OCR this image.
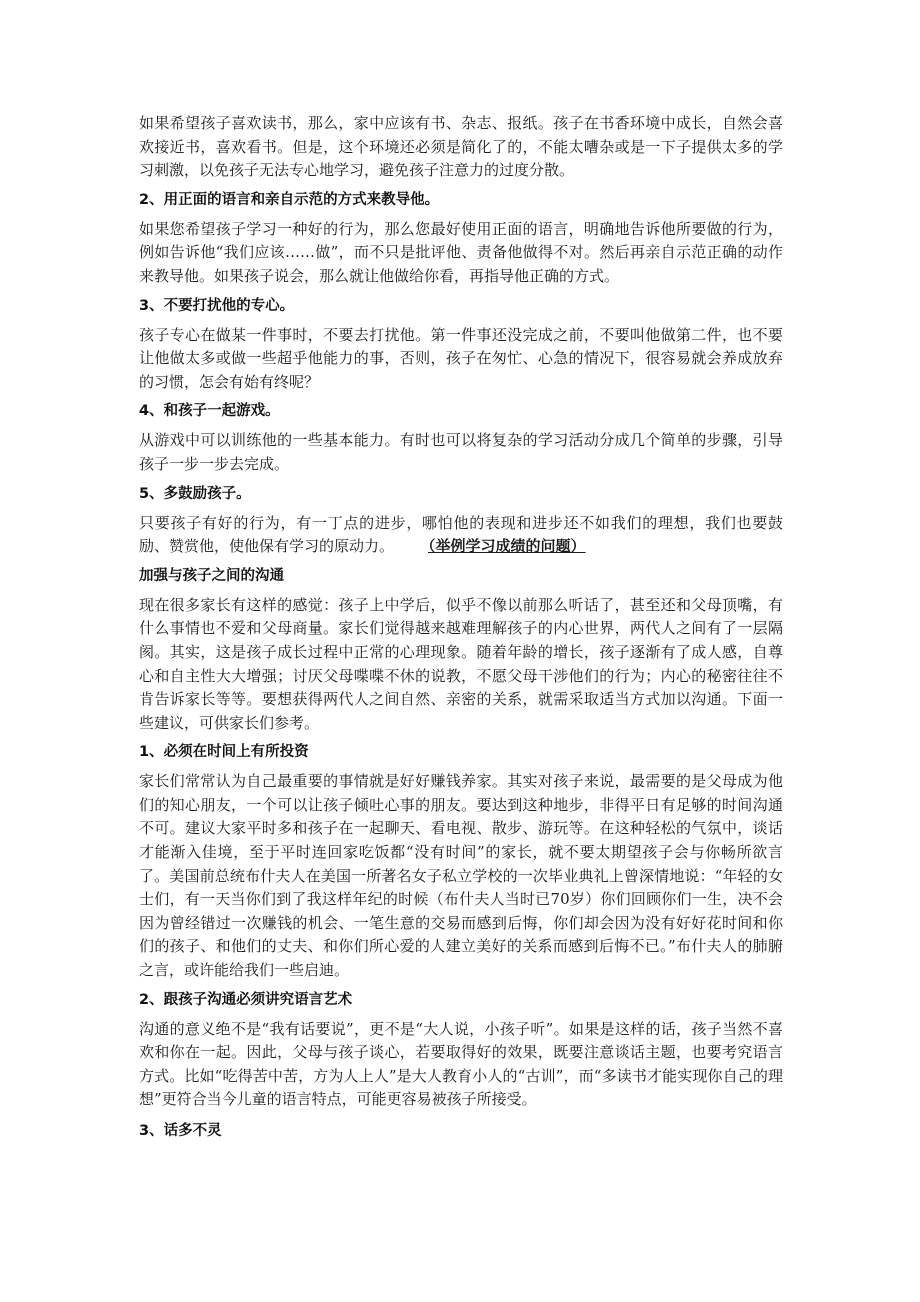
如果希望孩子喜欢读书，那么，家中应该有书、杂志、报纸。孩子在书香环境中成长，自然会喜欢接近书，喜欢看书。但是，这个环境还必须是简化了的，不能太嘈杂或是一下子提供太多的学习刺激，以免孩子无法专心地学习，避免孩子注意力的过度分散。

2、用正面的语言和亲自示范的方式来教导他。

如果您希望孩子学习一种好的行为，那么您最好使用正面的语言，明确地告诉他所要做的行为，例如告诉他“我们应该……做”，而不只是批评他、责备他做得不对。然后再亲自示范正确的动作来教导他。如果孩子说会，那么就让他做给你看，再指导他正确的方式。

3、不要打扰他的专心。

孩子专心在做某一件事时，不要去打扰他。第一件事还没完成之前，不要叫他做第二件，也不要让他做太多或做一些超乎他能力的事，否则，孩子在匆忙、心急的情况下，很容易就会养成放弃的习惯，怎会有始有终呢？

4、和孩子一起游戏。

从游戏中可以训练他的一些基本能力。有时也可以将复杂的学习活动分成几个简单的步骤，引导孩子一步一步去完成。

5、多鼓励孩子。

只要孩子有好的行为，有一丁点的进步，哪怕他的表现和进步还不如我们的理想，我们也要鼓励、赞赏他，使他保有学习的原动力。 （举例学习成绩的问题）

加强与孩子之间的沟通

现在很多家长有这样的感觉：孩子上中学后，似乎不像以前那么听话了，甚至还和父母顶嘴，有什么事情也不爱和父母商量。家长们觉得越来越难理解孩子的内心世界，两代人之间有了一层隔阂。其实，这是孩子成长过程中正常的心理现象。随着年龄的增长，孩子逐渐有了成人感，自尊心和自主性大大增强；讨厌父母喋喋不休的说教，不愿父母干涉他们的行为；内心的秘密往往不肯告诉家长等等。要想获得两代人之间自然、亲密的关系，就需采取适当方式加以沟通。下面一些建议，可供家长们参考。

1、必须在时间上有所投资

家长们常常认为自己最重要的事情就是好好赚钱养家。其实对孩子来说，最需要的是父母成为他们的知心朋友，一个可以让孩子倾吐心事的朋友。要达到这种地步，非得平日有足够的时间沟通不可。建议大家平时多和孩子在一起聊天、看电视、散步、游玩等。在这种轻松的气氛中，谈话才能渐入佳境，至于平时连回家吃饭都“没有时间”的家长，就不要太期望孩子会与你畅所欲言了。美国前总统布什夫人在美国一所著名女子私立学校的一次毕业典礼上曾深情地说：“年轻的女士们，有一天当你们到了我这样年纪的时候（布什夫人当时已70岁）你们回顾你们一生，决不会因为曾经错过一次赚钱的机会、一笔生意的交易而感到后悔，你们却会因为没有好好花时间和你们的孩子、和他们的丈夫、和你们所心爱的人建立美好的关系而感到后悔不已。”布什夫人的肺腑之言，或许能给我们一些启迪。

2、跟孩子沟通必须讲究语言艺术

沟通的意义绝不是“我有话要说”，更不是“大人说，小孩子听”。如果是这样的话，孩子当然不喜欢和你在一起。因此，父母与孩子谈心，若要取得好的效果，既要注意谈话主题，也要考究语言方式。比如“吃得苦中苦，方为人上人”是大人教育小人的“古训”，而“多读书才能实现你自己的理想”更符合当今儿童的语言特点，可能更容易被孩子所接受。

3、话多不灵
